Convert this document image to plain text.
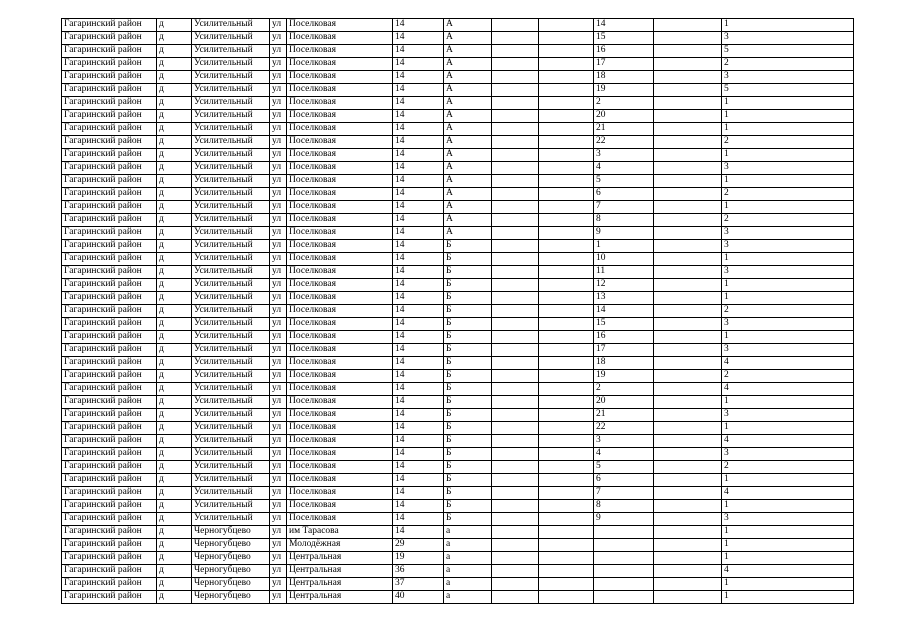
Гагаринский район	д	Усилительный	ул	Поселковая	14	А			14		1
Гагаринский район	д	Усилительный	ул	Поселковая	14	А			15		3
Гагаринский район	д	Усилительный	ул	Поселковая	14	А			16		5
Гагаринский район	д	Усилительный	ул	Поселковая	14	А			17		2
Гагаринский район	д	Усилительный	ул	Поселковая	14	А			18		3
Гагаринский район	д	Усилительный	ул	Поселковая	14	А			19		5
Гагаринский район	д	Усилительный	ул	Поселковая	14	А			2		1
Гагаринский район	д	Усилительный	ул	Поселковая	14	А			20		1
Гагаринский район	д	Усилительный	ул	Поселковая	14	А			21		1
Гагаринский район	д	Усилительный	ул	Поселковая	14	А			22		2
Гагаринский район	д	Усилительный	ул	Поселковая	14	А			3		1
Гагаринский район	д	Усилительный	ул	Поселковая	14	А			4		3
Гагаринский район	д	Усилительный	ул	Поселковая	14	А			5		1
Гагаринский район	д	Усилительный	ул	Поселковая	14	А			6		2
Гагаринский район	д	Усилительный	ул	Поселковая	14	А			7		1
Гагаринский район	д	Усилительный	ул	Поселковая	14	А			8		2
Гагаринский район	д	Усилительный	ул	Поселковая	14	А			9		3
Гагаринский район	д	Усилительный	ул	Поселковая	14	Б			1		3
Гагаринский район	д	Усилительный	ул	Поселковая	14	Б			10		1
Гагаринский район	д	Усилительный	ул	Поселковая	14	Б			11		3
Гагаринский район	д	Усилительный	ул	Поселковая	14	Б			12		1
Гагаринский район	д	Усилительный	ул	Поселковая	14	Б			13		1
Гагаринский район	д	Усилительный	ул	Поселковая	14	Б			14		2
Гагаринский район	д	Усилительный	ул	Поселковая	14	Б			15		3
Гагаринский район	д	Усилительный	ул	Поселковая	14	Б			16		1
Гагаринский район	д	Усилительный	ул	Поселковая	14	Б			17		3
Гагаринский район	д	Усилительный	ул	Поселковая	14	Б			18		4
Гагаринский район	д	Усилительный	ул	Поселковая	14	Б			19		2
Гагаринский район	д	Усилительный	ул	Поселковая	14	Б			2		4
Гагаринский район	д	Усилительный	ул	Поселковая	14	Б			20		1
Гагаринский район	д	Усилительный	ул	Поселковая	14	Б			21		3
Гагаринский район	д	Усилительный	ул	Поселковая	14	Б			22		1
Гагаринский район	д	Усилительный	ул	Поселковая	14	Б			3		4
Гагаринский район	д	Усилительный	ул	Поселковая	14	Б			4		3
Гагаринский район	д	Усилительный	ул	Поселковая	14	Б			5		2
Гагаринский район	д	Усилительный	ул	Поселковая	14	Б			6		1
Гагаринский район	д	Усилительный	ул	Поселковая	14	Б			7		4
Гагаринский район	д	Усилительный	ул	Поселковая	14	Б			8		1
Гагаринский район	д	Усилительный	ул	Поселковая	14	Б			9		3
Гагаринский район	д	Черногубцево	ул	им Тарасова	14	а					1
Гагаринский район	д	Черногубцево	ул	Молодёжная	29	а					1
Гагаринский район	д	Черногубцево	ул	Центральная	19	а					1
Гагаринский район	д	Черногубцево	ул	Центральная	36	а					4
Гагаринский район	д	Черногубцево	ул	Центральная	37	а					1
Гагаринский район	д	Черногубцево	ул	Центральная	40	а					1
